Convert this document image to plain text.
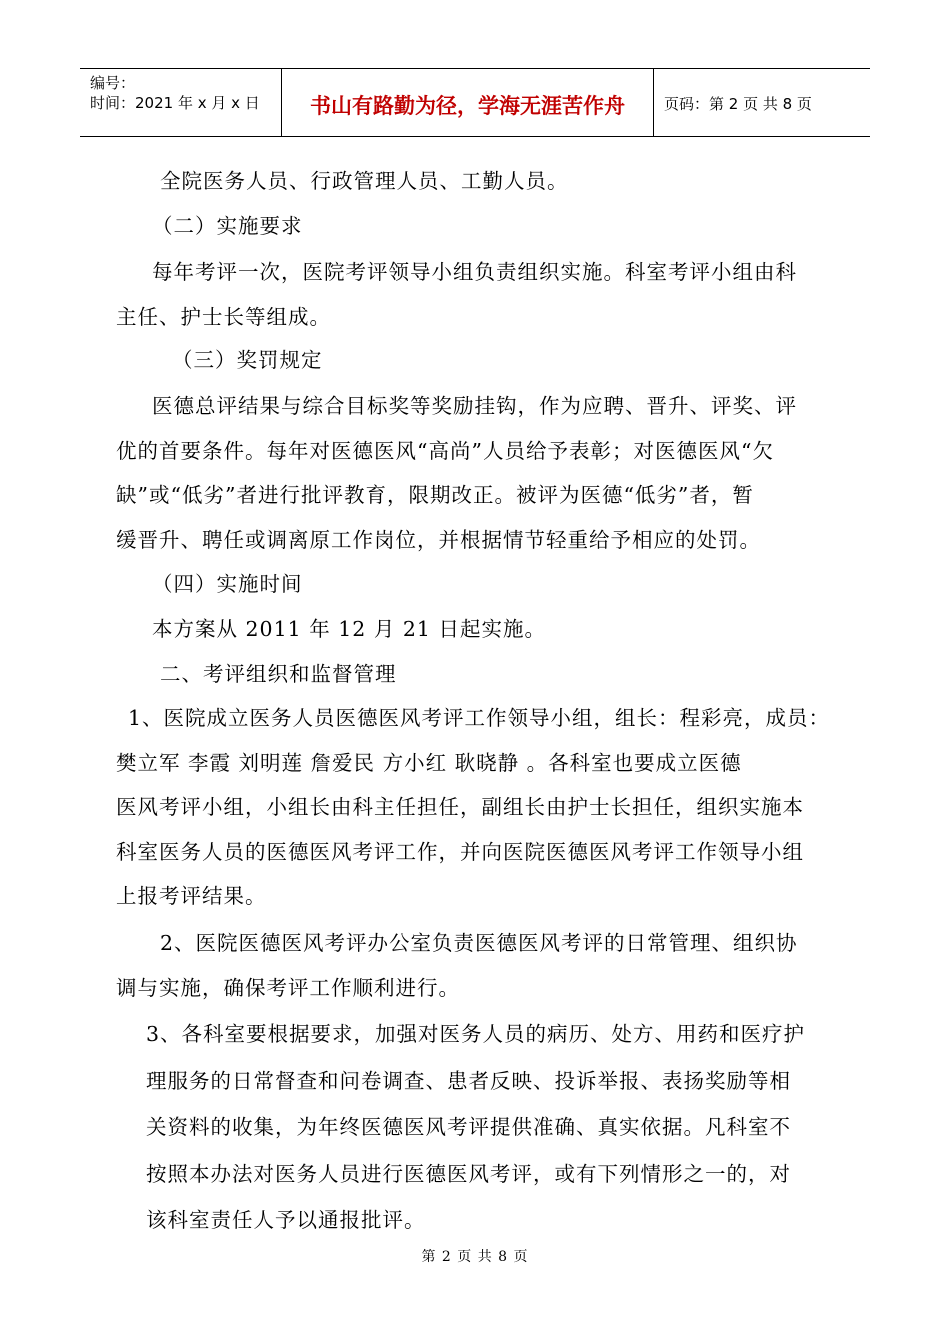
编号：
时间：2021 年 x 月 x 日	书山有路勤为径，学海无涯苦作舟	页码：第 2 页 共 8 页
全院医务人员、行政管理人员、工勤人员。
（二）实施要求
每年考评一次，医院考评领导小组负责组织实施。科室考评小组由科
主任、护士长等组成。
（三）奖罚规定
医德总评结果与综合目标奖等奖励挂钩，作为应聘、晋升、评奖、评
优的首要条件。每年对医德医风“高尚”人员给予表彰；对医德医风“欠
缺”或“低劣”者进行批评教育，限期改正。被评为医德“低劣”者，暂
缓晋升、聘任或调离原工作岗位，并根据情节轻重给予相应的处罚。
（四）实施时间
本方案从 2011 年 12 月 21 日起实施。
二、考评组织和监督管理
1、医院成立医务人员医德医风考评工作领导小组，组长：程彩亮，成员：
樊立军 李霞 刘明莲 詹爱民 方小红 耿晓静 。各科室也要成立医德
医风考评小组，小组长由科主任担任，副组长由护士长担任，组织实施本
科室医务人员的医德医风考评工作，并向医院医德医风考评工作领导小组
上报考评结果。
2、医院医德医风考评办公室负责医德医风考评的日常管理、组织协
调与实施，确保考评工作顺利进行。
3、各科室要根据要求，加强对医务人员的病历、处方、用药和医疗护
理服务的日常督查和问卷调查、患者反映、投诉举报、表扬奖励等相
关资料的收集，为年终医德医风考评提供准确、真实依据。凡科室不
按照本办法对医务人员进行医德医风考评，或有下列情形之一的，对
该科室责任人予以通报批评。
第 2 页 共 8 页
